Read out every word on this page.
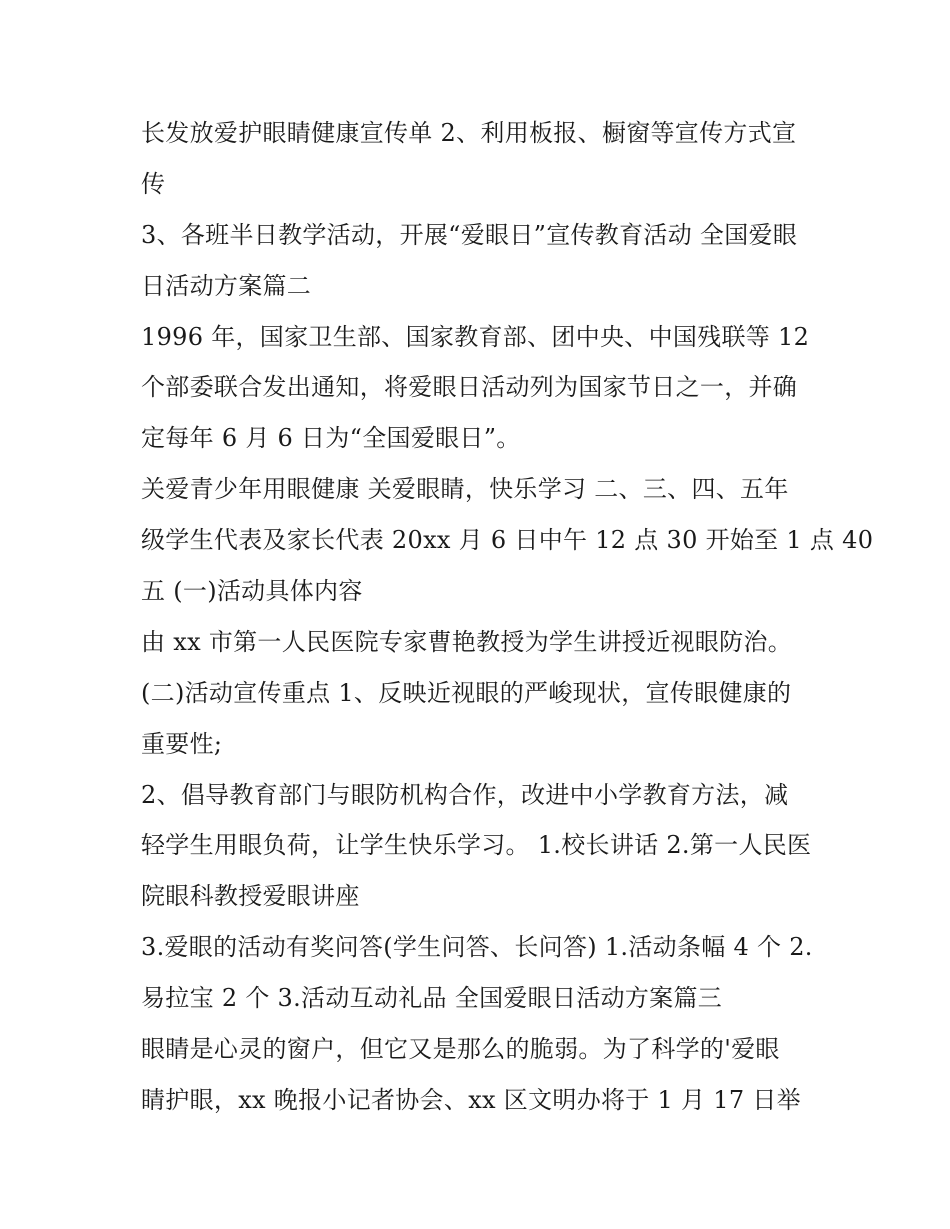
长发放爱护眼睛健康宣传单 2、利用板报、橱窗等宣传方式宣
传
3、各班半日教学活动，开展“爱眼日”宣传教育活动 全国爱眼
日活动方案篇二
1996 年，国家卫生部、国家教育部、团中央、中国残联等 12
个部委联合发出通知，将爱眼日活动列为国家节日之一，并确
定每年 6 月 6 日为“全国爱眼日”。
关爱青少年用眼健康 关爱眼睛，快乐学习 二、三、四、五年
级学生代表及家长代表 20xx 月 6 日中午 12 点 30 开始至 1 点 40
五 (一)活动具体内容
由 xx 市第一人民医院专家曹艳教授为学生讲授近视眼防治。
(二)活动宣传重点 1、反映近视眼的严峻现状，宣传眼健康的
重要性;
2、倡导教育部门与眼防机构合作，改进中小学教育方法，减
轻学生用眼负荷，让学生快乐学习。 1.校长讲话 2.第一人民医
院眼科教授爱眼讲座
3.爱眼的活动有奖问答(学生问答、长问答) 1.活动条幅 4 个 2.
易拉宝 2 个 3.活动互动礼品 全国爱眼日活动方案篇三
眼睛是心灵的窗户，但它又是那么的脆弱。为了科学的'爱眼
睛护眼，xx 晚报小记者协会、xx 区文明办将于 1 月 17 日举
